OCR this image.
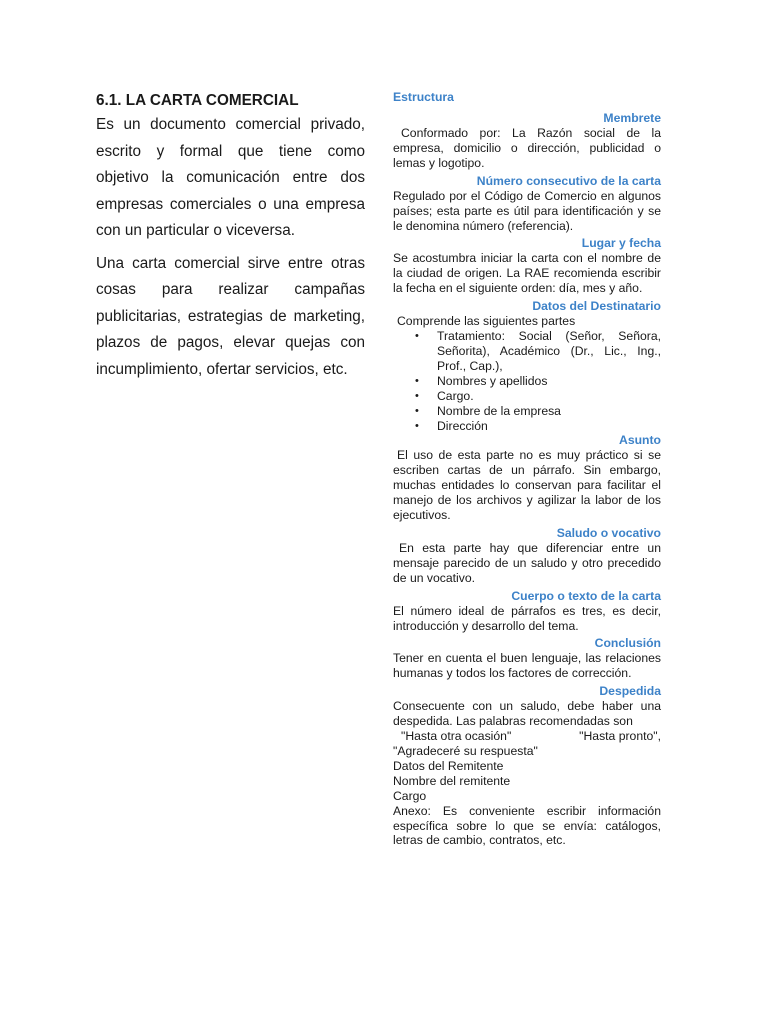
6.1. LA CARTA COMERCIAL

Es un documento comercial privado, escrito y formal que tiene como objetivo la comunicación entre dos empresas comerciales o una empresa con un particular o viceversa.

Una carta comercial sirve entre otras cosas para realizar campañas publicitarias, estrategias de marketing, plazos de pagos, elevar quejas con incumplimiento, ofertar servicios, etc.

Estructura
Membrete

Conformado por: La Razón social de la empresa, domicilio o dirección, publicidad o lemas y logotipo.

Número consecutivo de la carta

Regulado por el Código de Comercio en algunos países; esta parte es útil para identificación y se le denomina número (referencia).

Lugar y fecha

Se acostumbra iniciar la carta con el nombre de la ciudad de origen. La RAE recomienda escribir la fecha en el siguiente orden: día, mes y año.

Datos del Destinatario

Comprende las siguientes partes

• Tratamiento: Social (Señor, Señora, Señorita), Académico (Dr., Lic., Ing., Prof., Cap.),
• Nombres y apellidos
• Cargo.
• Nombre de la empresa
• Dirección
Asunto

El uso de esta parte no es muy práctico si se escriben cartas de un párrafo. Sin embargo, muchas entidades lo conservan para facilitar el manejo de los archivos y agilizar la labor de los ejecutivos.

Saludo o vocativo

En esta parte hay que diferenciar entre un mensaje parecido de un saludo y otro precedido de un vocativo.

Cuerpo o texto de la carta

El número ideal de párrafos es tres, es decir, introducción y desarrollo del tema.

Conclusión

Tener en cuenta el buen lenguaje, las relaciones humanas y todos los factores de corrección.

Despedida

Consecuente con un saludo, debe haber una despedida. Las palabras recomendadas son

"Hasta otra ocasión"	"Hasta pronto",

"Agradeceré su respuesta"

Datos del Remitente

Nombre del remitente

Cargo

Anexo: Es conveniente escribir información específica sobre lo que se envía: catálogos, letras de cambio, contratos, etc.
